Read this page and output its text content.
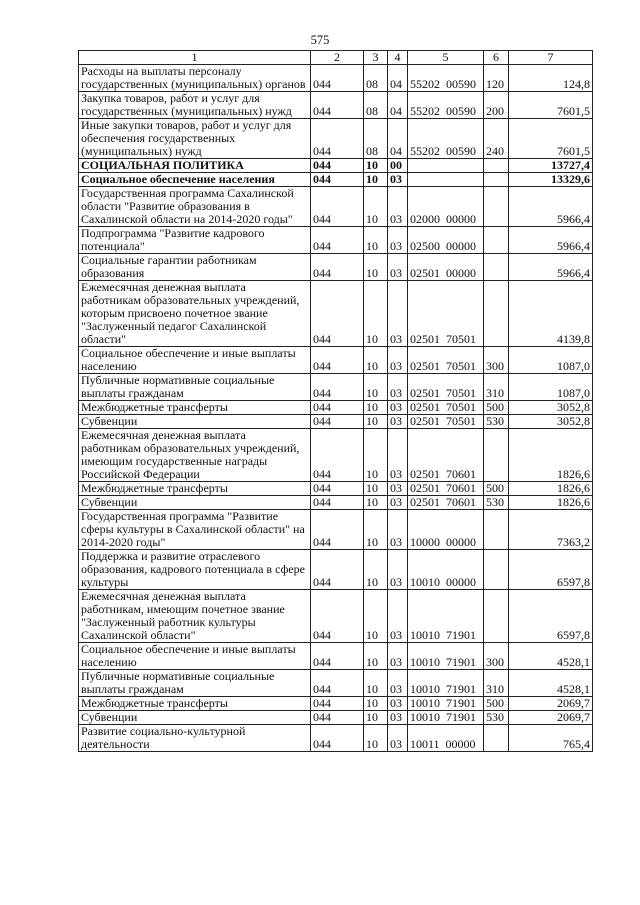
575
1	2	3	4	5	6	7
Расходы на выплаты персоналу государственных (муниципальных) органов	044	08	04	55202  00590	120	124,8
Зaкупка товаров, работ и услуг для государственных (муниципальных) нужд	044	08	04	55202  00590	200	7601,5
Иные закупки товаров, работ и услуг для обеспечения государственных (муниципальных) нужд	044	08	04	55202  00590	240	7601,5
СОЦИАЛЬНАЯ ПОЛИТИКА	044	10	00			13727,4
Социальное обеспечение населения	044	10	03			13329,6
Государственная программа Caxaлинской области "Развитие образования в Caxaлинской области на 2014-2020 годы"	044	10	03	02000  00000		5966,4
Подпрограмма "Развитие кадрового потенциала"	044	10	03	02500  00000		5966,4
Социальные гарантии работникам образования	044	10	03	02501  00000		5966,4
Ежемесячная денежная выплата работникам образовательных учреждений, которым присвоено почетное звание "Заслуженный педагог Caxaлинской области"	044	10	03	02501  70501		4139,8
Социальное обеспечение и иные выплаты населению	044	10	03	02501  70501	300	1087,0
Публичные нормативные социальные выплаты гражданам	044	10	03	02501  70501	310	1087,0
Межбюджетные трансферты	044	10	03	02501  70501	500	3052,8
Субвенции	044	10	03	02501  70501	530	3052,8
Ежемесячная денежная выплата работникам образовательных учреждений, имеющим государственные награды Российской Федерации	044	10	03	02501  70601		1826,6
Межбюджетные трансферты	044	10	03	02501  70601	500	1826,6
Субвенции	044	10	03	02501  70601	530	1826,6
Государственная программа "Развитие сферы культуры в Caxaлинской области" на 2014-2020 годы"	044	10	03	10000  00000		7363,2
Поддержка и развитие отраслевого образования, кадрового потенциала в сфере культуры	044	10	03	10010  00000		6597,8
Ежемесячная денежная выплата работникам, имеющим почетное звание "Заслуженный работник культуры Caxaлинской области"	044	10	03	10010  71901		6597,8
Социальное обеспечение и иные выплаты населению	044	10	03	10010  71901	300	4528,1
Публичные нормативные социальные выплаты гражданам	044	10	03	10010  71901	310	4528,1
Межбюджетные трансферты	044	10	03	10010  71901	500	2069,7
Субвенции	044	10	03	10010  71901	530	2069,7
Развитие социально-культурной деятельности	044	10	03	10011  00000		765,4
